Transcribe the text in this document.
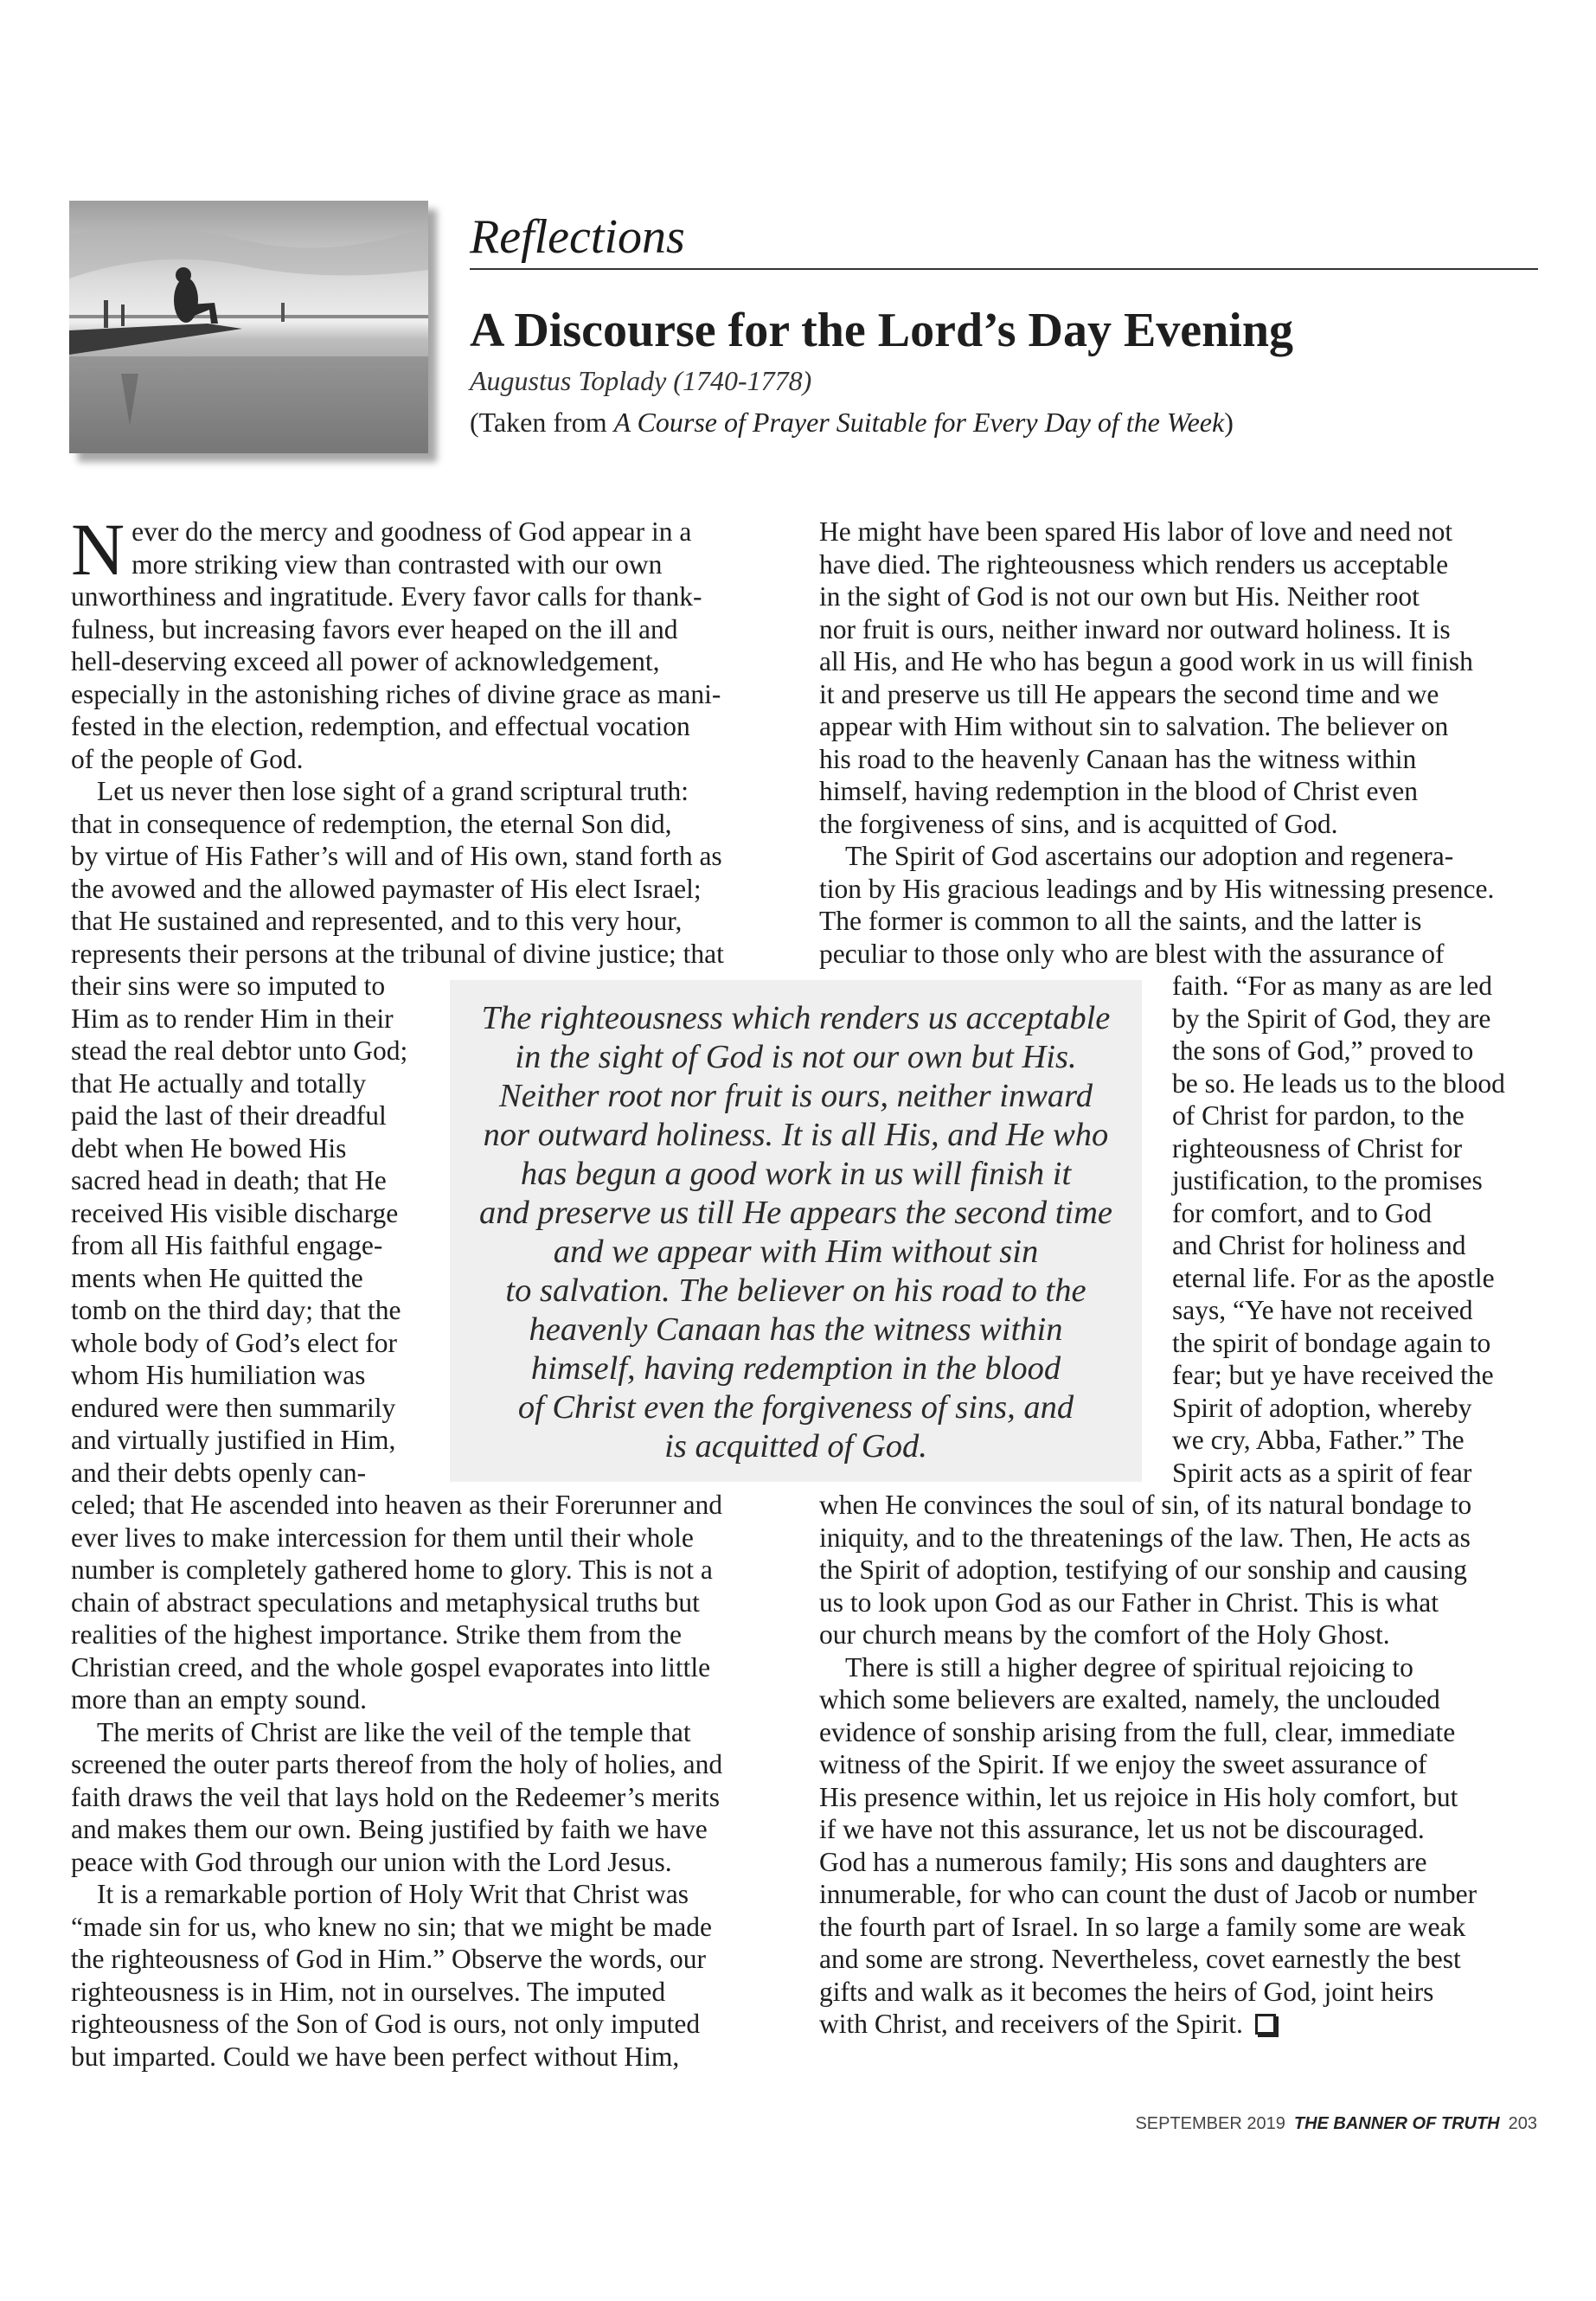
Reflections
A Discourse for the Lord’s Day Evening
Augustus Toplady (1740-1778)
(Taken from A Course of Prayer Suitable for Every Day of the Week)
N ever do the mercy and goodness of God appear in a
more striking view than contrasted with our own
unworthiness and ingratitude. Every favor calls for thank-
fulness, but increasing favors ever heaped on the ill and
hell-deserving exceed all power of acknowledgement,
especially in the astonishing riches of divine grace as mani-
fested in the election, redemption, and effectual vocation
of the people of God.
Let us never then lose sight of a grand scriptural truth:
that in consequence of redemption, the eternal Son did,
by virtue of His Father’s will and of His own, stand forth as
the avowed and the allowed paymaster of His elect Israel;
that He sustained and represented, and to this very hour,
represents their persons at the tribunal of divine justice; that
their sins were so imputed to
Him as to render Him in their
stead the real debtor unto God;
that He actually and totally
paid the last of their dreadful
debt when He bowed His
sacred head in death; that He
received His visible discharge
from all His faithful engage-
ments when He quitted the
tomb on the third day; that the
whole body of God’s elect for
whom His humiliation was
endured were then summarily
and virtually justified in Him,
and their debts openly can-
celed; that He ascended into heaven as their Forerunner and
ever lives to make intercession for them until their whole
number is completely gathered home to glory. This is not a
chain of abstract speculations and metaphysical truths but
realities of the highest importance. Strike them from the
Christian creed, and the whole gospel evaporates into little
more than an empty sound.
The merits of Christ are like the veil of the temple that
screened the outer parts thereof from the holy of holies, and
faith draws the veil that lays hold on the Redeemer’s merits
and makes them our own. Being justified by faith we have
peace with God through our union with the Lord Jesus.
It is a remarkable portion of Holy Writ that Christ was
“made sin for us, who knew no sin; that we might be made
the righteousness of God in Him.” Observe the words, our
righteousness is in Him, not in ourselves. The imputed
righteousness of the Son of God is ours, not only imputed
but imparted. Could we have been perfect without Him,
He might have been spared His labor of love and need not
have died. The righteousness which renders us acceptable
in the sight of God is not our own but His. Neither root
nor fruit is ours, neither inward nor outward holiness. It is
all His, and He who has begun a good work in us will finish
it and preserve us till He appears the second time and we
appear with Him without sin to salvation. The believer on
his road to the heavenly Canaan has the witness within
himself, having redemption in the blood of Christ even
the forgiveness of sins, and is acquitted of God.
The Spirit of God ascertains our adoption and regenera-
tion by His gracious leadings and by His witnessing presence.
The former is common to all the saints, and the latter is
peculiar to those only who are blest with the assurance of
faith. “For as many as are led
by the Spirit of God, they are
the sons of God,” proved to
be so. He leads us to the blood
of Christ for pardon, to the
righteousness of Christ for
justification, to the promises
for comfort, and to God
and Christ for holiness and
eternal life. For as the apostle
says, “Ye have not received
the spirit of bondage again to
fear; but ye have received the
Spirit of adoption, whereby
we cry, Abba, Father.” The
Spirit acts as a spirit of fear
when He convinces the soul of sin, of its natural bondage to
iniquity, and to the threatenings of the law. Then, He acts as
the Spirit of adoption, testifying of our sonship and causing
us to look upon God as our Father in Christ. This is what
our church means by the comfort of the Holy Ghost.
There is still a higher degree of spiritual rejoicing to
which some believers are exalted, namely, the unclouded
evidence of sonship arising from the full, clear, immediate
witness of the Spirit. If we enjoy the sweet assurance of
His presence within, let us rejoice in His holy comfort, but
if we have not this assurance, let us not be discouraged.
God has a numerous family; His sons and daughters are
innumerable, for who can count the dust of Jacob or number
the fourth part of Israel. In so large a family some are weak
and some are strong. Nevertheless, covet earnestly the best
gifts and walk as it becomes the heirs of God, joint heirs
with Christ, and receivers of the Spirit.
The righteousness which renders us acceptable
in the sight of God is not our own but His.
Neither root nor fruit is ours, neither inward
nor outward holiness. It is all His, and He who
has begun a good work in us will finish it
and preserve us till He appears the second time
and we appear with Him without sin
to salvation. The believer on his road to the
heavenly Canaan has the witness within
himself, having redemption in the blood
of Christ even the forgiveness of sins, and
is acquitted of God.
SEPTEMBER 2019 THE BANNER OF TRUTH 203
